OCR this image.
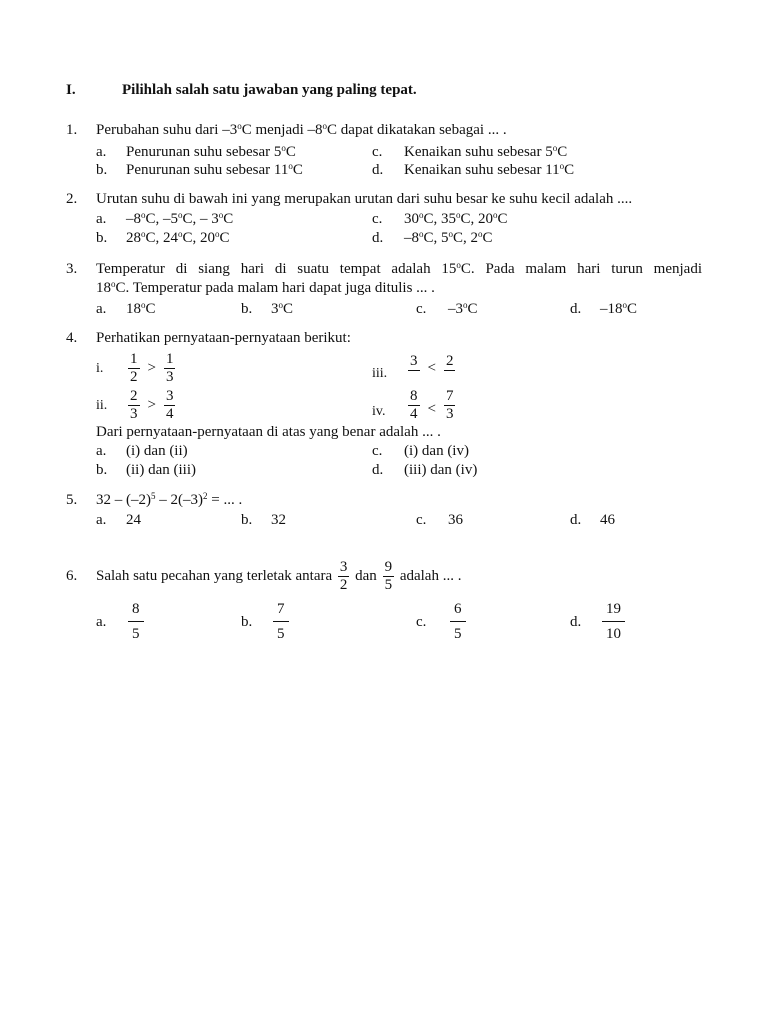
I.	Pilihlah salah satu jawaban yang paling tepat.
1. Perubahan suhu dari –3$^o$C menjadi –8$^o$C dapat dikatakan sebagai ... .
a. Penurunan suhu sebesar 5$^o$C
b. Penurunan suhu sebesar 11$^o$C
c. Kenaikan suhu sebesar 5$^o$C
d. Kenaikan suhu sebesar 11$^o$C
2. Urutan suhu di bawah ini yang merupakan urutan dari suhu besar ke suhu kecil adalah ....
a. –8$^o$C, –5$^o$C, – 3$^o$C
b. 28$^o$C, 24$^o$C, 20$^o$C
c. 30$^o$C, 35$^o$C, 20$^o$C
d. –8$^o$C, 5$^o$C, 2$^o$C
3. Temperatur di siang hari di suatu tempat adalah 15$^o$C. Pada malam hari turun menjadi
18$^o$C. Temperatur pada malam hari dapat juga ditulis ... .
a. 18$^o$C	b. 3$^o$C	c. –3$^o$C	d. –18$^o$C
4. Perhatikan pernyataan-pernyataan berikut:
i. $\frac{1}{2} > \frac{1}{3}$
ii. $\frac{2}{3} > \frac{3}{4}$
iii.
3 < 2
iv. $\frac{8}{4} < \frac{7}{3}$
Dari pernyataan-pernyataan di atas yang benar adalah ... .
a. (i) dan (ii)
b. (ii) dan (iii)
c. (i) dan (iv)
d. (iii) dan (iv)
5. $32 - (-2)^5 - 2(-3)^2$ = ... .
a. 24	b. 32	c. 36	d. 46
6. Salah satu pecahan yang terletak antara $\frac{3}{2}$ dan $\frac{9}{5}$ adalah ... .
a. $\frac{8}{5}$	b. $\frac{7}{5}$	c. $\frac{6}{5}$	d. $\frac{19}{10}$
